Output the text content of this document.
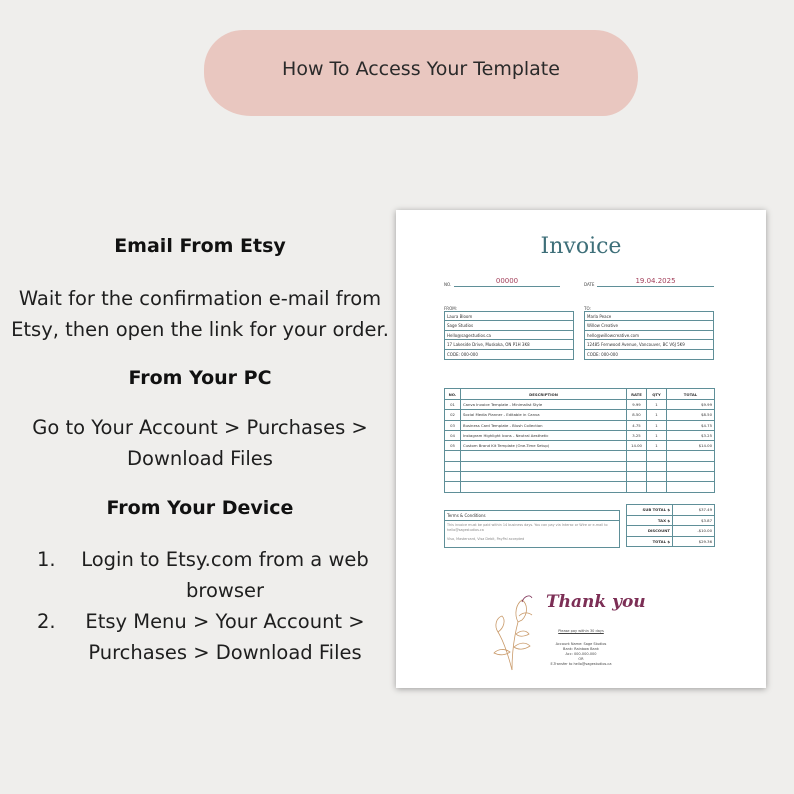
How To Access Your Template
Email From Etsy
Wait for the confirmation e-mail from
Etsy, then open the link for your order.
From Your PC
Go to Your Account > Purchases >
Download Files
From Your Device
1.	Login to Etsy.com from a web
browser
2.	Etsy Menu > Your Account >
Purchases > Download Files
Invoice
NO.	00000	DATE	19.04.2025
FROM:
Laura Bloom
Sage Studios
Hello@sagestudios.ca
17 Lakeside Drive, Muskoka, ON P1H 3K8
CODE: 000-000
TO:
Marla Peace
Willow Creative
hello@willowcreative.com
12485 Fernwood Avenue, Vancouver, BC V6J 5K9
CODE: 000-000
NO.	DESCRIPTION	RATE	QTY	TOTAL
01	Canva Invoice Template - Minimalist Style	9.99	1	$9.99
02	Social Media Planner - Editable in Canva	8.50	1	$8.50
03	Business Card Template - Blush Collection	4.75	1	$4.75
04	Instagram Highlight Icons - Neutral Aesthetic	3.25	1	$3.25
05	Custom Brand Kit Template (One-Time Setup)	14.00	1	$14.00

Terms & Conditions
This invoice must be paid within 14 business days. You can pay via Interac or Wire or e-mail to hello@sagestudios.ca
Visa, Mastercard, Visa Debit, PayPal accepted
SUB TOTAL $	$37.49
TAX $	$3.87
DISCOUNT	-$10.00
TOTAL $	$29.36
Thank you
Please pay within 30 days
Account Name: Sage Studios
Bank: Rainbow Bank
Acc: 000-000-000
OR
E-Transfer to hello@sagestudios.ca
